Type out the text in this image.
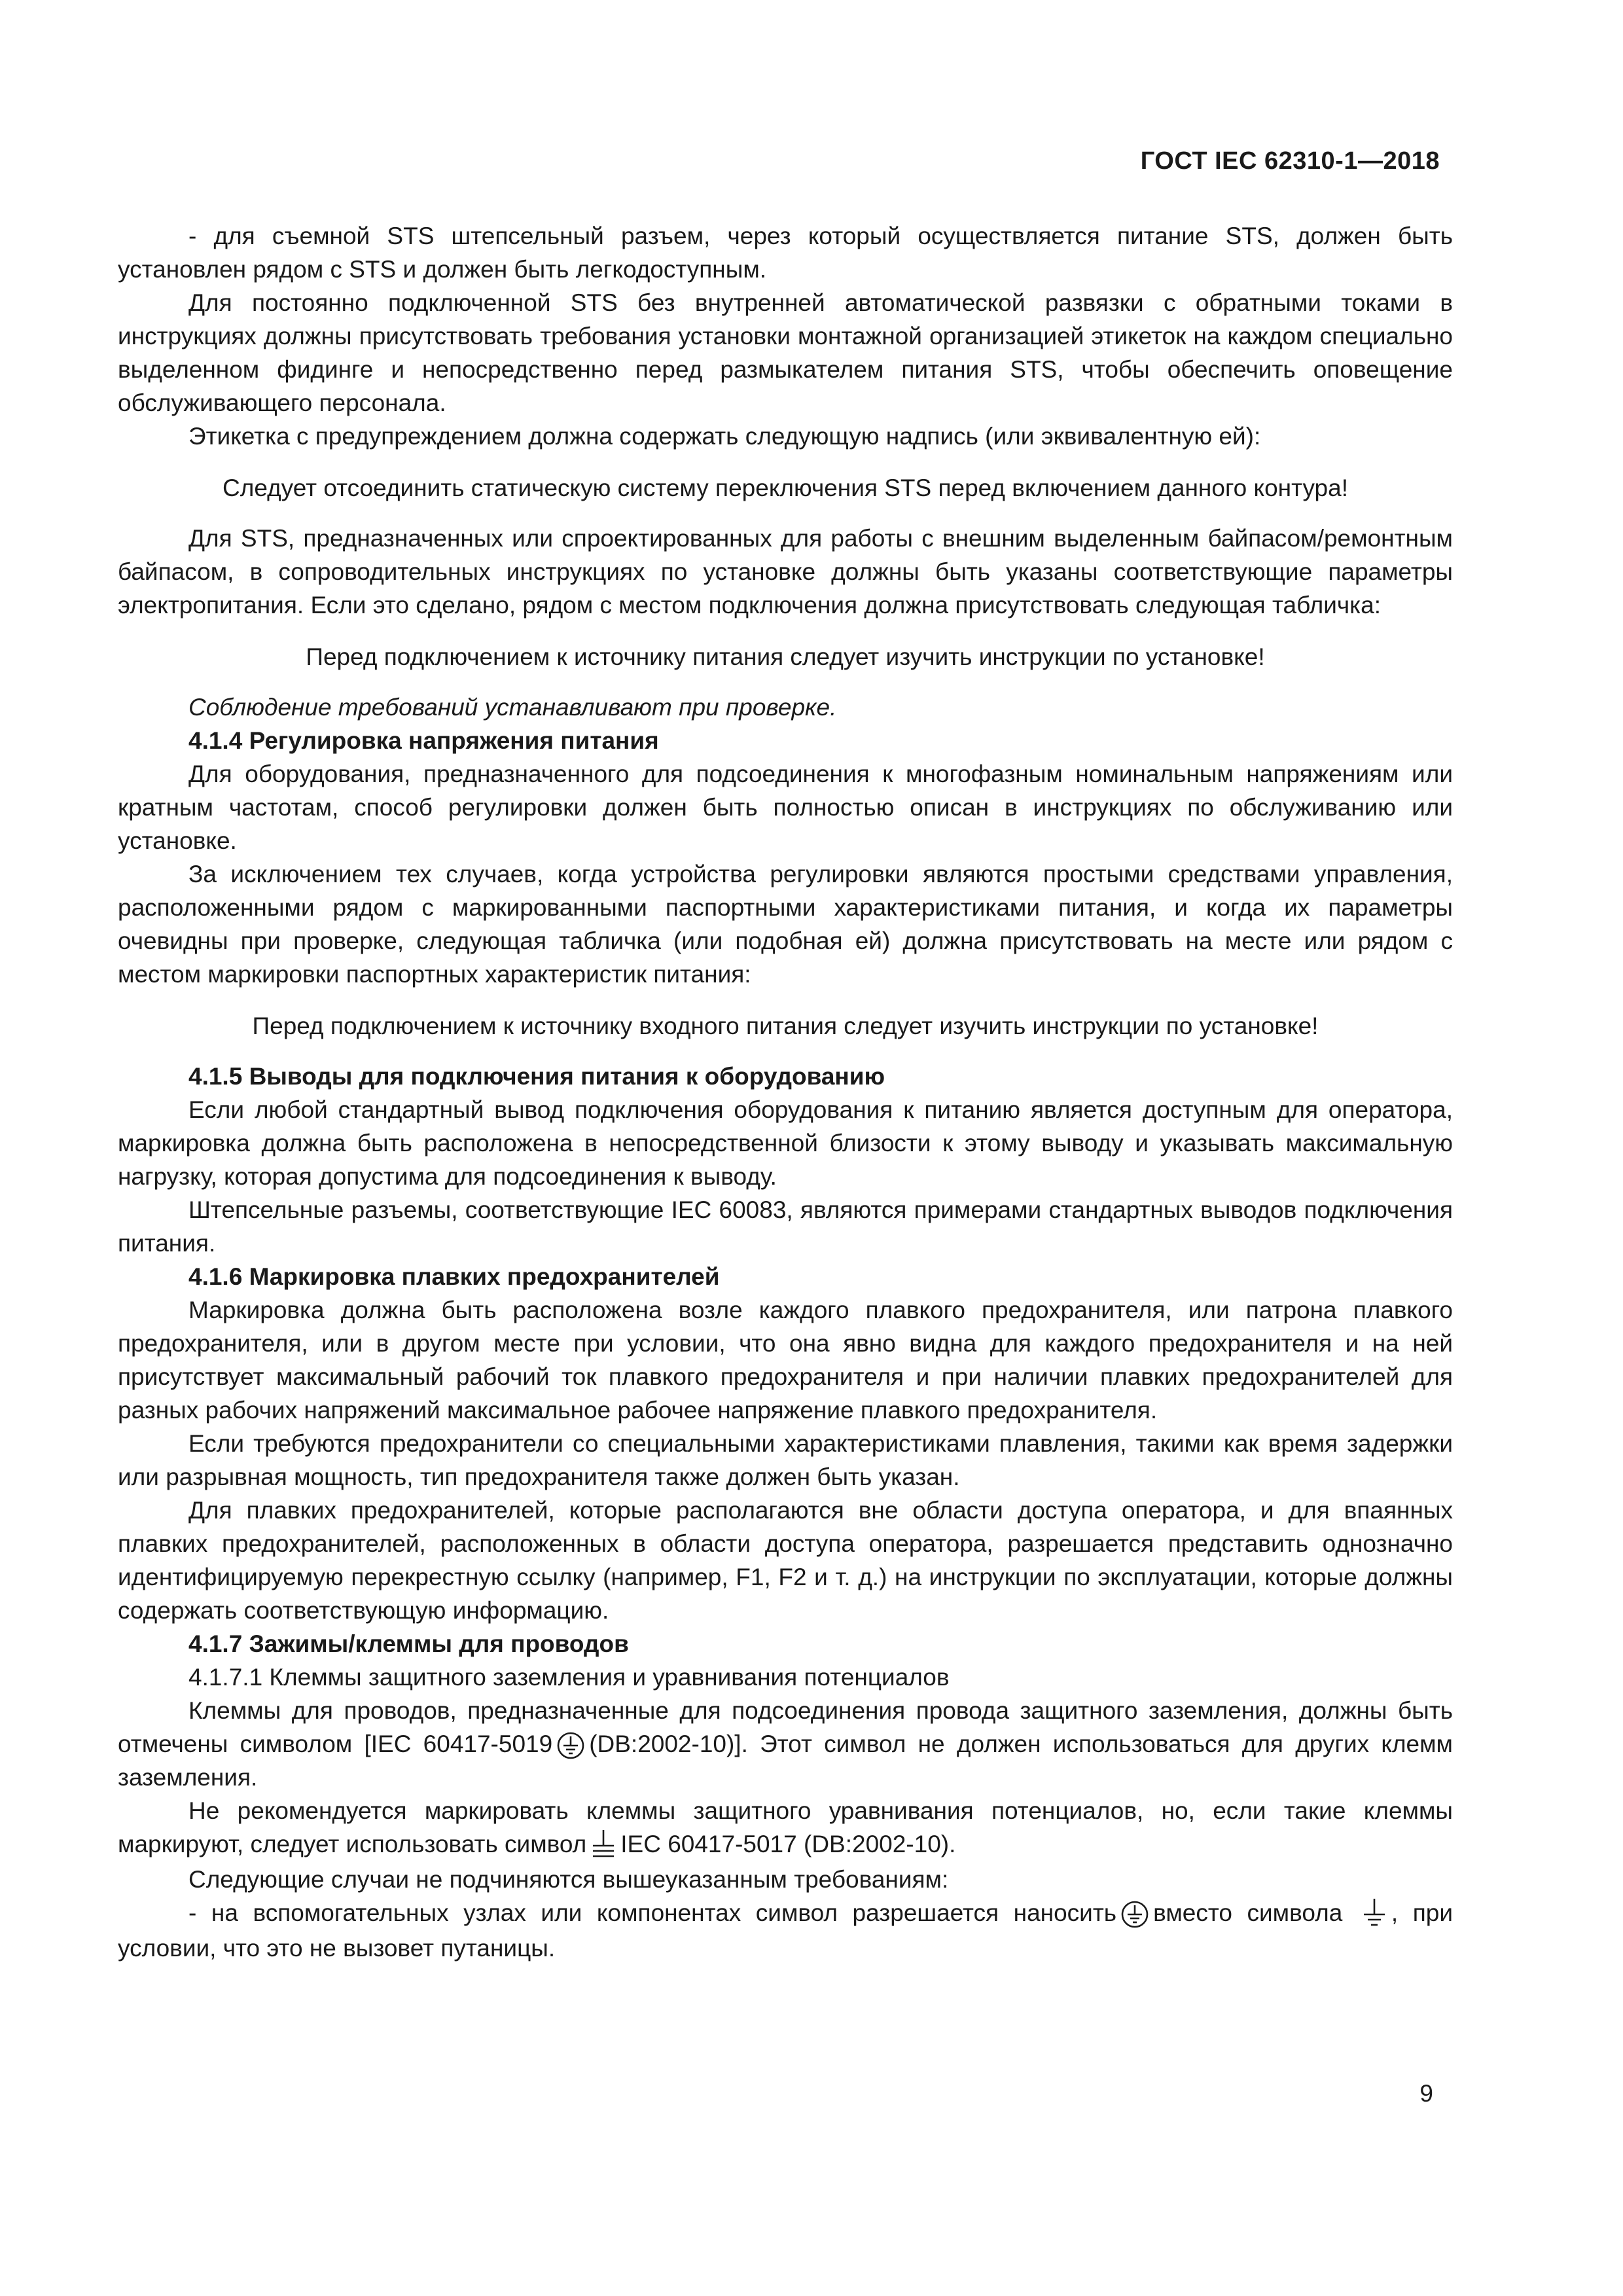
ГОСТ IEC 62310-1—2018

- для съемной STS штепсельный разъем, через который осуществляется питание STS, должен быть установлен рядом с STS и должен быть легкодоступным.

Для постоянно подключенной STS без внутренней автоматической развязки с обратными токами в инструкциях должны присутствовать требования установки монтажной организацией этикеток на каждом специально выделенном фидинге и непосредственно перед размыкателем питания STS, чтобы обеспечить оповещение обслуживающего персонала.

Этикетка с предупреждением должна содержать следующую надпись (или эквивалентную ей):

Следует отсоединить статическую систему переключения STS перед включением данного контура!

Для STS, предназначенных или спроектированных для работы с внешним выделенным байпасом/ремонтным байпасом, в сопроводительных инструкциях по установке должны быть указаны соответствующие параметры электропитания. Если это сделано, рядом с местом подключения должна присутствовать следующая табличка:

Перед подключением к источнику питания следует изучить инструкции по установке!

Соблюдение требований устанавливают при проверке.

4.1.4 Регулировка напряжения питания

Для оборудования, предназначенного для подсоединения к многофазным номинальным напряжениям или кратным частотам, способ регулировки должен быть полностью описан в инструкциях по обслуживанию или установке.

За исключением тех случаев, когда устройства регулировки являются простыми средствами управления, расположенными рядом с маркированными паспортными характеристиками питания, и когда их параметры очевидны при проверке, следующая табличка (или подобная ей) должна присутствовать на месте или рядом с местом маркировки паспортных характеристик питания:

Перед подключением к источнику входного питания следует изучить инструкции по установке!

4.1.5 Выводы для подключения питания к оборудованию

Если любой стандартный вывод подключения оборудования к питанию является доступным для оператора, маркировка должна быть расположена в непосредственной близости к этому выводу и указывать максимальную нагрузку, которая допустима для подсоединения к выводу.

Штепсельные разъемы, соответствующие IEC 60083, являются примерами стандартных выводов подключения питания.

4.1.6 Маркировка плавких предохранителей

Маркировка должна быть расположена возле каждого плавкого предохранителя, или патрона плавкого предохранителя, или в другом месте при условии, что она явно видна для каждого предохранителя и на ней присутствует максимальный рабочий ток плавкого предохранителя и при наличии плавких предохранителей для разных рабочих напряжений максимальное рабочее напряжение плавкого предохранителя.

Если требуются предохранители со специальными характеристиками плавления, такими как время задержки или разрывная мощность, тип предохранителя также должен быть указан.

Для плавких предохранителей, которые располагаются вне области доступа оператора, и для впаянных плавких предохранителей, расположенных в области доступа оператора, разрешается представить однозначно идентифицируемую перекрестную ссылку (например, F1, F2 и т. д.) на инструкции по эксплуатации, которые должны содержать соответствующую информацию.

4.1.7 Зажимы/клеммы для проводов

4.1.7.1 Клеммы защитного заземления и уравнивания потенциалов

Клеммы для проводов, предназначенные для подсоединения провода защитного заземления, должны быть отмечены символом [IEC 60417-5019 (DB:2002-10)]. Этот символ не должен использоваться для других клемм заземления.

Не рекомендуется маркировать клеммы защитного уравнивания потенциалов, но, если такие клеммы маркируют, следует использовать символ IEC 60417-5017 (DB:2002-10).

Следующие случаи не подчиняются вышеуказанным требованиям:

- на вспомогательных узлах или компонентах символ разрешается наносить вместо символа , при условии, что это не вызовет путаницы.

9
